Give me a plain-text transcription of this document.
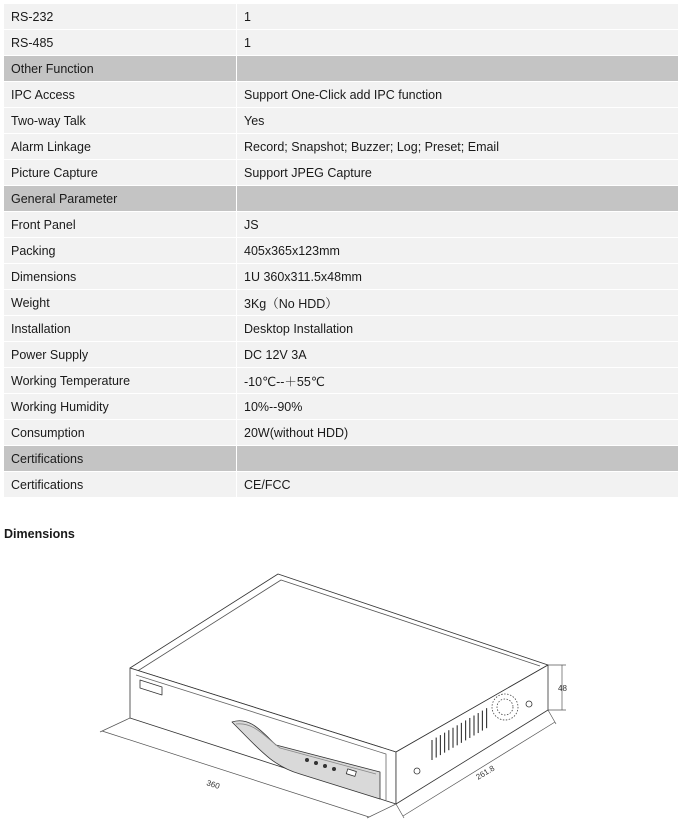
RS-232	1
RS-485	1
Other Function	
IPC Access	Support One-Click add IPC function
Two-way Talk	Yes
Alarm Linkage	Record; Snapshot; Buzzer; Log; Preset; Email
Picture Capture	Support JPEG Capture
General Parameter	
Front Panel	JS
Packing	405x365x123mm
Dimensions	1U 360x311.5x48mm
Weight	3Kg（No HDD）
Installation	Desktop Installation
Power Supply	DC 12V 3A
Working Temperature	-10℃--＋55℃
Working Humidity	10%--90%
Consumption	20W(without HDD)
Certifications	
Certifications	CE/FCC
Dimensions
360
261.8
48
